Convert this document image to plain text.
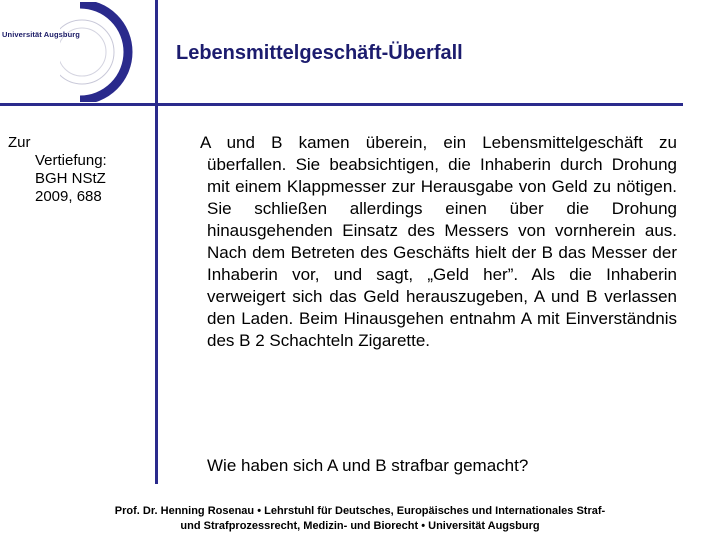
Universität Augsburg
Lebensmittelgeschäft-Überfall
Zur
Vertiefung:
BGH NStZ
2009, 688

A und B kamen überein, ein Lebensmittelgeschäft zu überfallen. Sie beabsichtigen, die Inhaberin durch Drohung mit einem Klappmesser zur Herausgabe von Geld zu nötigen. Sie schließen allerdings einen über die Drohung hinausgehenden Einsatz des Messers von vornherein aus. Nach dem Betreten des Geschäfts hielt der B das Messer der Inhaberin vor, und sagt, „Geld her”. Als die Inhaberin verweigert sich das Geld herauszugeben, A und B verlassen den Laden. Beim Hinausgehen entnahm A mit Einverständnis des B 2 Schachteln Zigarette.

Wie haben sich A und B strafbar gemacht?

Prof. Dr. Henning Rosenau • Lehrstuhl für Deutsches, Europäisches und Internationales Straf-
und Strafprozessrecht, Medizin- und Biorecht • Universität Augsburg
